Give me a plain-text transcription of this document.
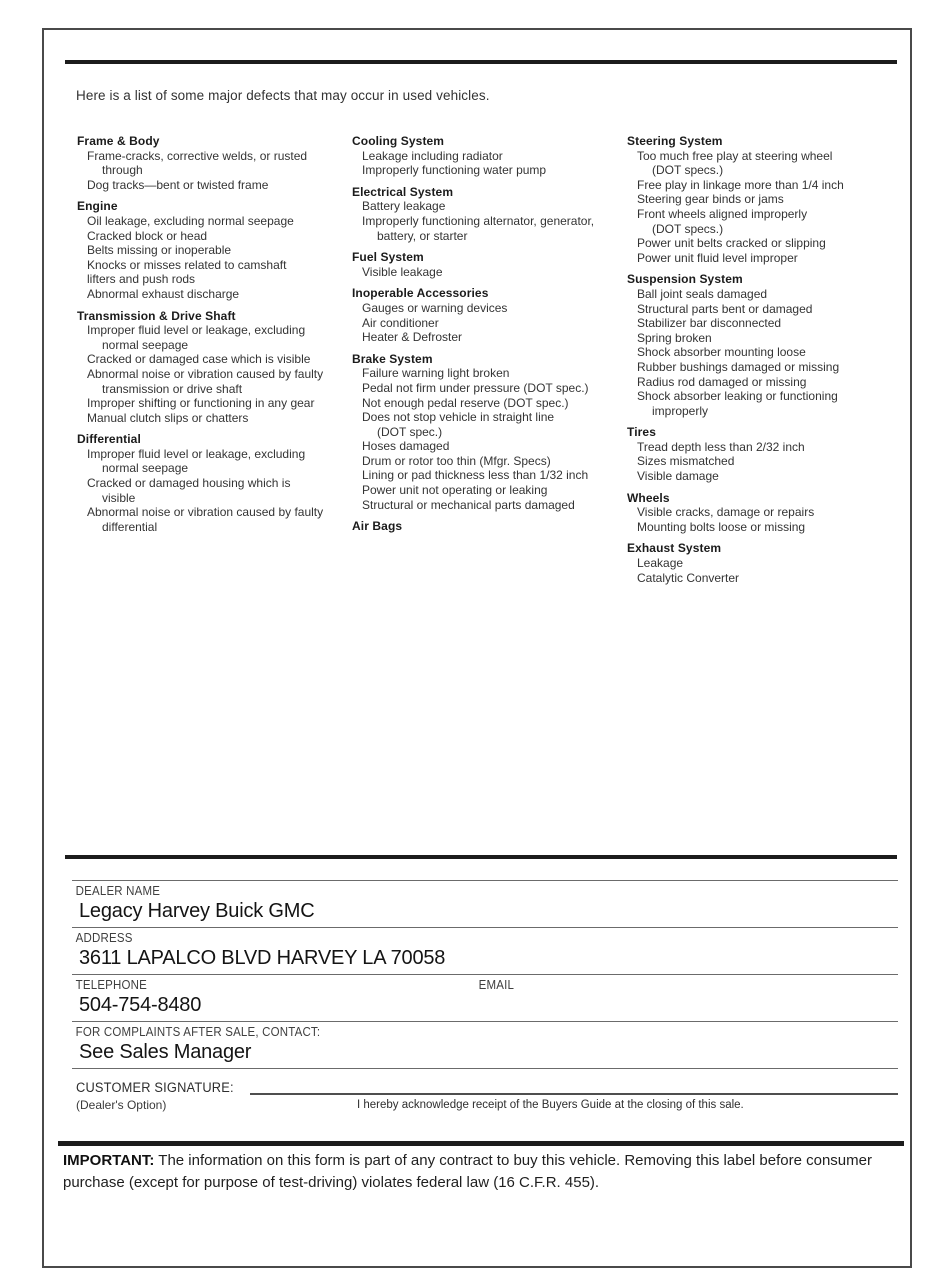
Here is a list of some major defects that may occur in used vehicles.
Frame & Body
Frame-cracks, corrective welds, or rusted
through
Dog tracks—bent or twisted frame
Engine
Oil leakage, excluding normal seepage
Cracked block or head
Belts missing or inoperable
Knocks or misses related to camshaft
lifters and push rods
Abnormal exhaust discharge
Transmission & Drive Shaft
Improper fluid level or leakage, excluding
normal seepage
Cracked or damaged case which is visible
Abnormal noise or vibration caused by faulty
transmission or drive shaft
Improper shifting or functioning in any gear
Manual clutch slips or chatters
Differential
Improper fluid level or leakage, excluding
normal seepage
Cracked or damaged housing which is
visible
Abnormal noise or vibration caused by faulty
differential
Cooling System
Leakage including radiator
Improperly functioning water pump
Electrical System
Battery leakage
Improperly functioning alternator, generator,
battery, or starter
Fuel System
Visible leakage
Inoperable Accessories
Gauges or warning devices
Air conditioner
Heater & Defroster
Brake System
Failure warning light broken
Pedal not firm under pressure (DOT spec.)
Not enough pedal reserve (DOT spec.)
Does not stop vehicle in straight line
(DOT spec.)
Hoses damaged
Drum or rotor too thin (Mfgr. Specs)
Lining or pad thickness less than 1/32 inch
Power unit not operating or leaking
Structural or mechanical parts damaged
Air Bags
Steering System
Too much free play at steering wheel
(DOT specs.)
Free play in linkage more than 1/4 inch
Steering gear binds or jams
Front wheels aligned improperly
(DOT specs.)
Power unit belts cracked or slipping
Power unit fluid level improper
Suspension System
Ball joint seals damaged
Structural parts bent or damaged
Stabilizer bar disconnected
Spring broken
Shock absorber mounting loose
Rubber bushings damaged or missing
Radius rod damaged or missing
Shock absorber leaking or functioning
improperly
Tires
Tread depth less than 2/32 inch
Sizes mismatched
Visible damage
Wheels
Visible cracks, damage or repairs
Mounting bolts loose or missing
Exhaust System
Leakage
Catalytic Converter
DEALER NAME
Legacy Harvey Buick GMC
ADDRESS
3611 LAPALCO BLVD HARVEY LA 70058
TELEPHONE
504-754-8480
EMAIL
FOR COMPLAINTS AFTER SALE, CONTACT:
See Sales Manager
CUSTOMER SIGNATURE:
(Dealer's Option)	I hereby acknowledge receipt of the Buyers Guide at the closing of this sale.
IMPORTANT: The information on this form is part of any contract to buy this vehicle. Removing this label before consumer purchase (except for purpose of test-driving) violates federal law (16 C.F.R. 455).
